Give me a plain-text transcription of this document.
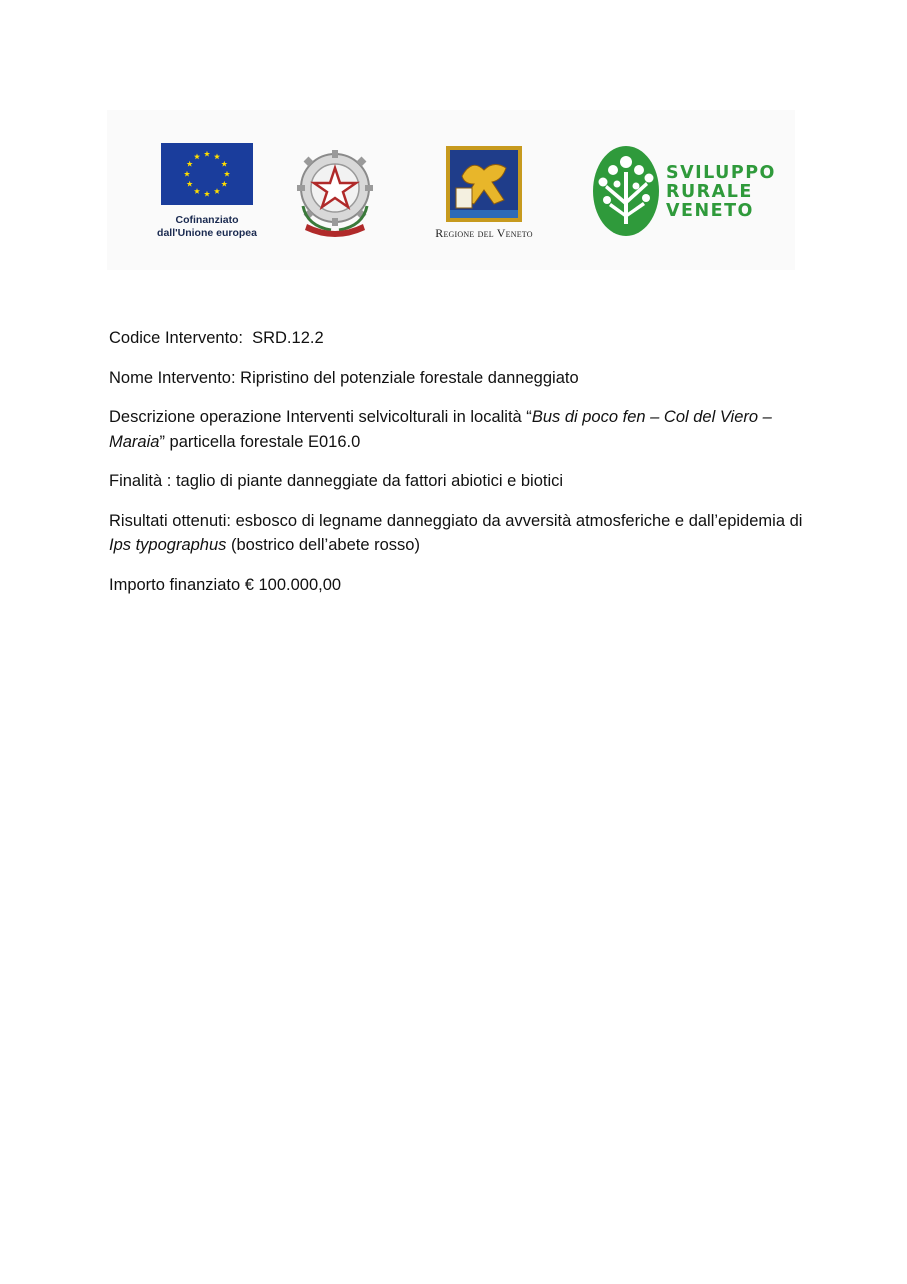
Cofinanziato
dall'Unione europea	Regione del Veneto
SVILUPPO
RURALE
VENETO

Codice Intervento: SRD.12.2

Nome Intervento: Ripristino del potenziale forestale danneggiato

Descrizione operazione Interventi selvicolturali in località “Bus di poco fen – Col del Viero – Maraia” particella forestale E016.0

Finalità : taglio di piante danneggiate da fattori abiotici e biotici

Risultati ottenuti: esbosco di legname danneggiato da avversità atmosferiche e dall’epidemia di Ips typographus (bostrico dell’abete rosso)

Importo finanziato € 100.000,00
